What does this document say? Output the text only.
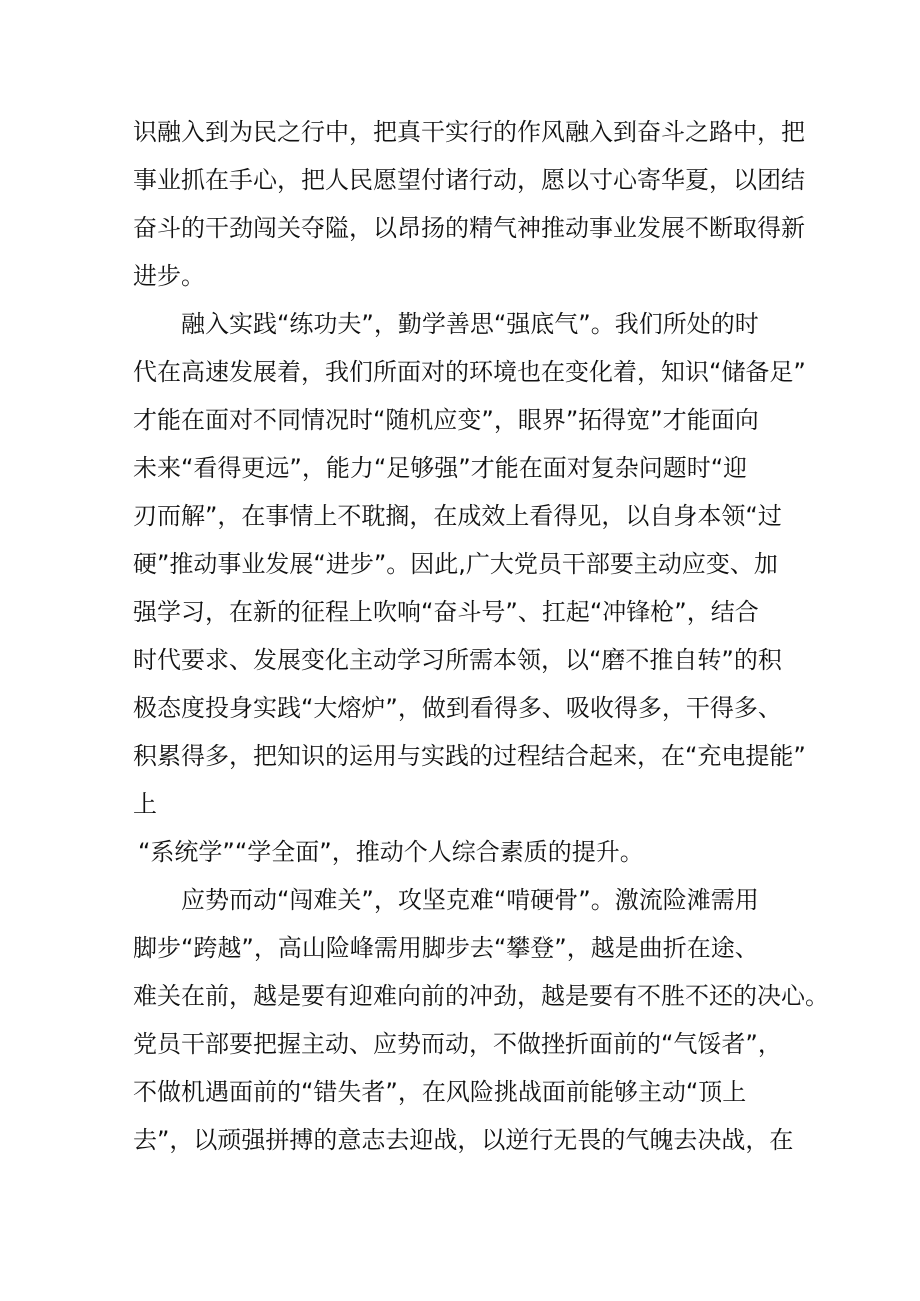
识融入到为民之行中，把真干实行的作风融入到奋斗之路中，把
事业抓在手心，把人民愿望付诸行动，愿以寸心寄华夏，以团结
奋斗的干劲闯关夺隘，以昂扬的精气神推动事业发展不断取得新
进步。
融入实践“练功夫”，勤学善思“强底气”。我们所处的时
代在高速发展着，我们所面对的环境也在变化着，知识“储备足”
才能在面对不同情况时“随机应变”，眼界”拓得宽”才能面向
未来“看得更远”，能力“足够强”才能在面对复杂问题时“迎
刃而解”，在事情上不耽搁，在成效上看得见，以自身本领“过
硬”推动事业发展“进步”。因此,广大党员干部要主动应变、加
强学习，在新的征程上吹响“奋斗号”、扛起“冲锋枪”，结合
时代要求、发展变化主动学习所需本领，以“磨不推自转”的积
极态度投身实践“大熔炉”，做到看得多、吸收得多，干得多、
积累得多，把知识的运用与实践的过程结合起来，在“充电提能”
上
“系统学”“学全面”，推动个人综合素质的提升。
应势而动“闯难关”，攻坚克难“啃硬骨”。激流险滩需用
脚步“跨越”，高山险峰需用脚步去“攀登”，越是曲折在途、
难关在前，越是要有迎难向前的冲劲，越是要有不胜不还的决心。
党员干部要把握主动、应势而动，不做挫折面前的“气馁者”，
不做机遇面前的“错失者”，在风险挑战面前能够主动“顶上
去”，以顽强拼搏的意志去迎战，以逆行无畏的气魄去决战，在
